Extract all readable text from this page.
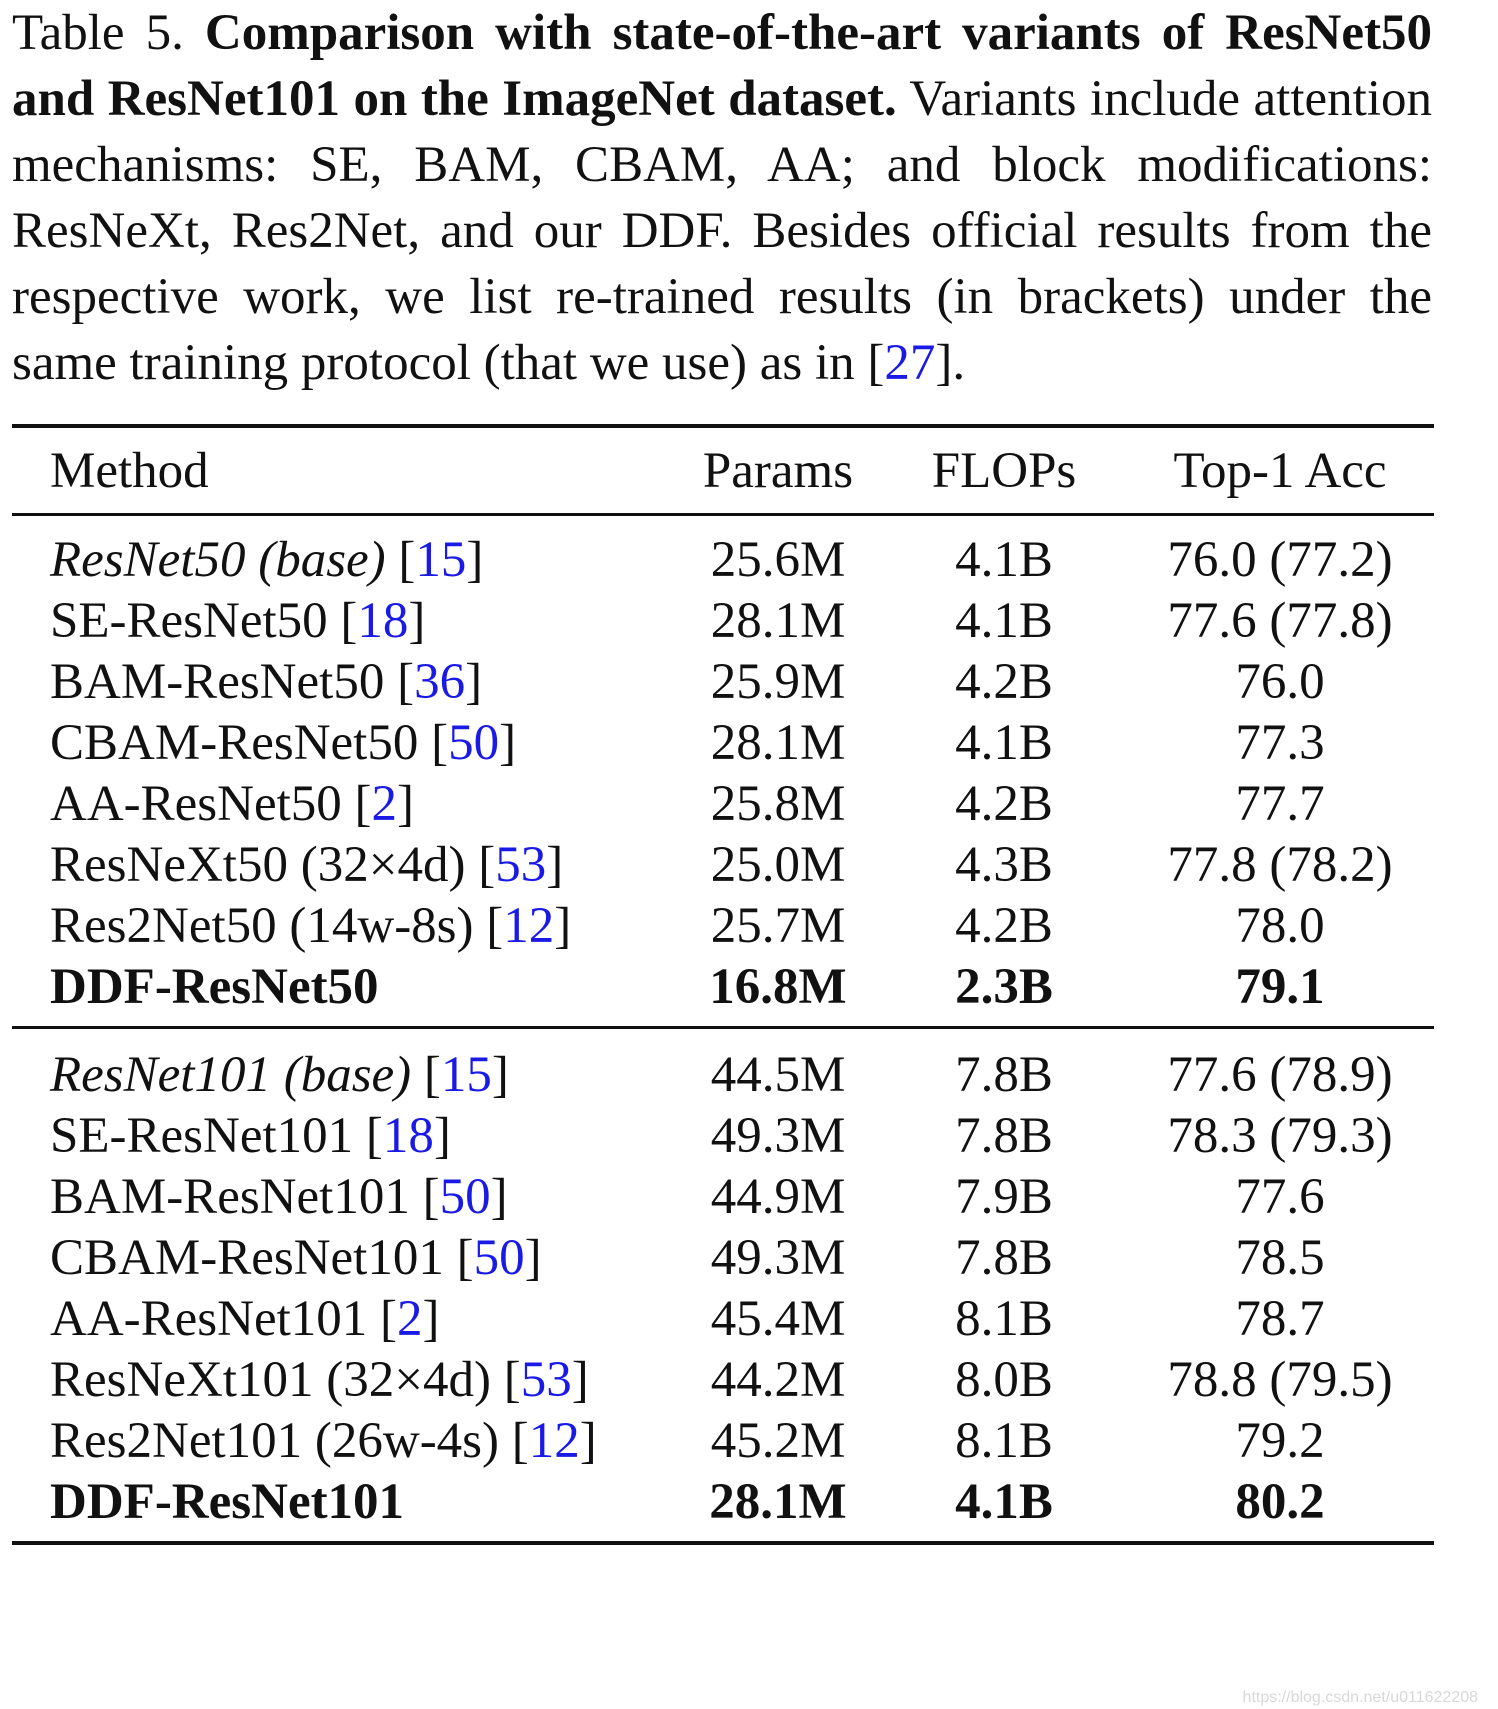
Table 5. Comparison with state-of-the-art variants of ResNet50 and ResNet101 on the ImageNet dataset. Variants include attention mechanisms: SE, BAM, CBAM, AA; and block modifications: ResNeXt, Res2Net, and our DDF. Besides official results from the respective work, we list re-trained results (in brackets) under the same training protocol (that we use) as in [27].
Method	Params	FLOPs	Top-1 Acc
ResNet50 (base) [15]	25.6M	4.1B	76.0 (77.2)
SE-ResNet50 [18]	28.1M	4.1B	77.6 (77.8)
BAM-ResNet50 [36]	25.9M	4.2B	76.0
CBAM-ResNet50 [50]	28.1M	4.1B	77.3
AA-ResNet50 [2]	25.8M	4.2B	77.7
ResNeXt50 (32×4d) [53]	25.0M	4.3B	77.8 (78.2)
Res2Net50 (14w-8s) [12]	25.7M	4.2B	78.0
DDF-ResNet50	16.8M	2.3B	79.1
ResNet101 (base) [15]	44.5M	7.8B	77.6 (78.9)
SE-ResNet101 [18]	49.3M	7.8B	78.3 (79.3)
BAM-ResNet101 [50]	44.9M	7.9B	77.6
CBAM-ResNet101 [50]	49.3M	7.8B	78.5
AA-ResNet101 [2]	45.4M	8.1B	78.7
ResNeXt101 (32×4d) [53]	44.2M	8.0B	78.8 (79.5)
Res2Net101 (26w-4s) [12]	45.2M	8.1B	79.2
DDF-ResNet101	28.1M	4.1B	80.2
https://blog.csdn.net/u011622208
